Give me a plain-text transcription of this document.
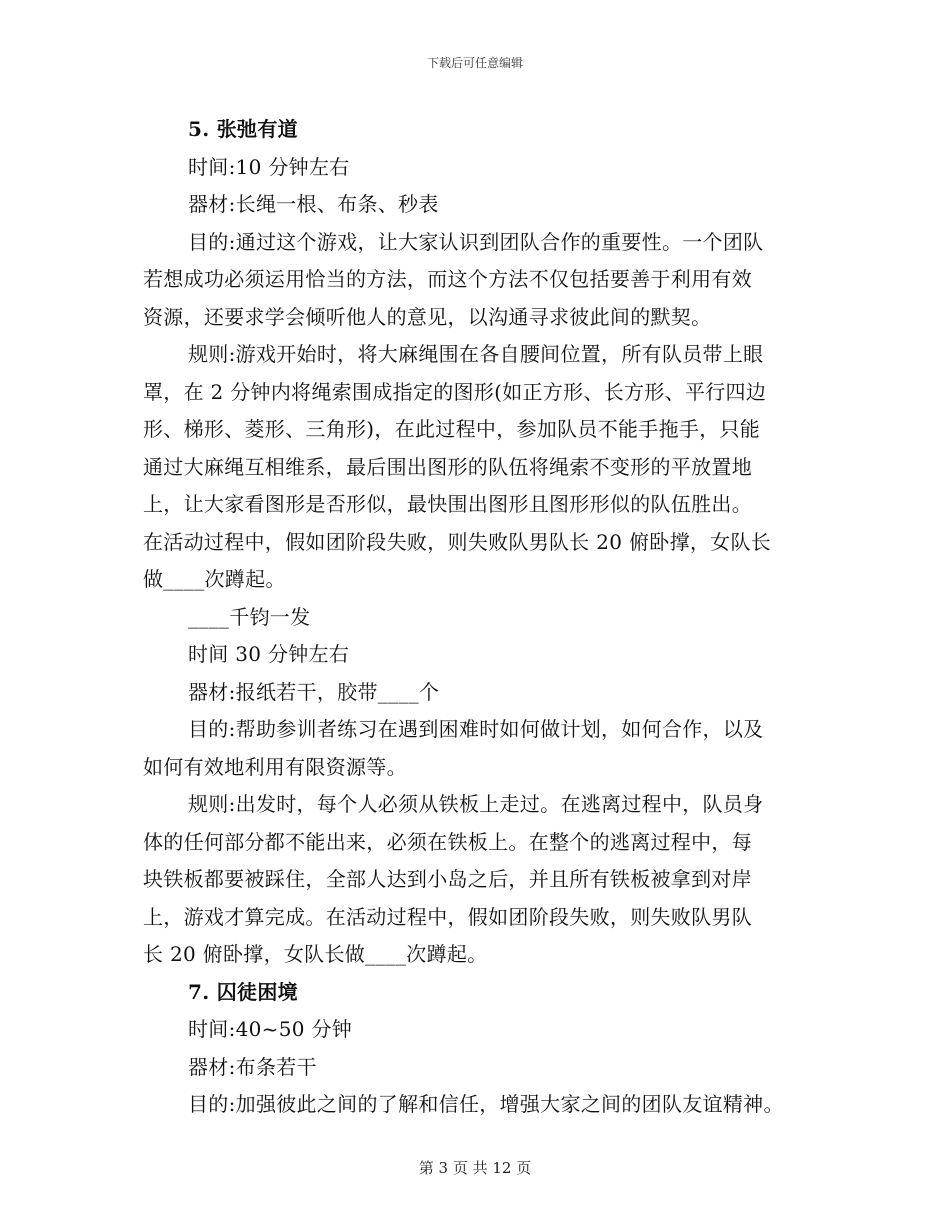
下载后可任意编辑
5. 张弛有道
时间:10 分钟左右
器材:长绳一根、布条、秒表
目的:通过这个游戏，让大家认识到团队合作的重要性。一个团队
若想成功必须运用恰当的方法，而这个方法不仅包括要善于利用有效
资源，还要求学会倾听他人的意见，以沟通寻求彼此间的默契。
规则:游戏开始时，将大麻绳围在各自腰间位置，所有队员带上眼
罩，在 2 分钟内将绳索围成指定的图形(如正方形、长方形、平行四边
形、梯形、菱形、三角形)，在此过程中，参加队员不能手拖手，只能
通过大麻绳互相维系，最后围出图形的队伍将绳索不变形的平放置地
上，让大家看图形是否形似，最快围出图形且图形形似的队伍胜出。
在活动过程中，假如团阶段失败，则失败队男队长 20 俯卧撑，女队长
做____次蹲起。
____千钧一发
时间 30 分钟左右
器材:报纸若干，胶带____个
目的:帮助参训者练习在遇到困难时如何做计划，如何合作，以及
如何有效地利用有限资源等。
规则:出发时，每个人必须从铁板上走过。在逃离过程中，队员身
体的任何部分都不能出来，必须在铁板上。在整个的逃离过程中，每
块铁板都要被踩住，全部人达到小岛之后，并且所有铁板被拿到对岸
上，游戏才算完成。在活动过程中，假如团阶段失败，则失败队男队
长 20 俯卧撑，女队长做____次蹲起。
7. 囚徒困境
时间:40~50 分钟
器材:布条若干
目的:加强彼此之间的了解和信任，增强大家之间的团队友谊精神。
第 3 页 共 12 页
